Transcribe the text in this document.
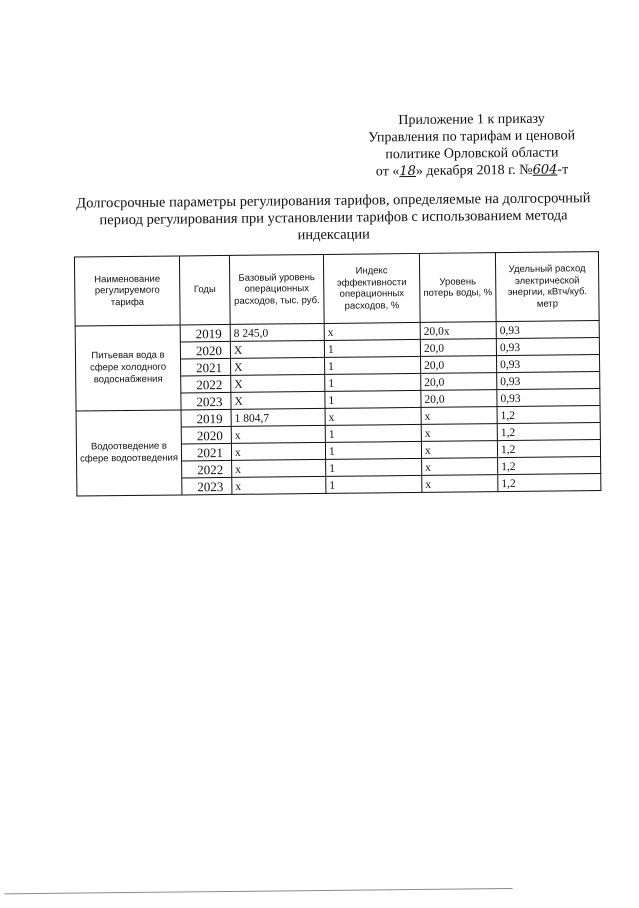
Приложение 1 к приказу
Управления по тарифам и ценовой
политике Орловской области
от «18» декабря 2018 г. №604-т
Долгосрочные параметры регулирования тарифов, определяемые на долгосрочный период регулирования при установлении тарифов с использованием метода индексации
Наименование регулируемого тарифа	Годы	Базовый уровень операционных расходов, тыс. руб.	Индекс эффективности операционных расходов, %	Уровень потерь воды, %	Удельный расход электрической энергии, кВтч/куб. метр
Питьевая вода в сфере холодного водоснабжения	2019	8 245,0	х	20,0х	0,93
	2020	Х	1	20,0	0,93
	2021	Х	1	20,0	0,93
	2022	Х	1	20,0	0,93
	2023	Х	1	20,0	0,93
Водоотведение в сфере водоотведения	2019	1 804,7	х	х	1,2
	2020	х	1	х	1,2
	2021	х	1	х	1,2
	2022	х	1	х	1,2
	2023	х	1	х	1,2
